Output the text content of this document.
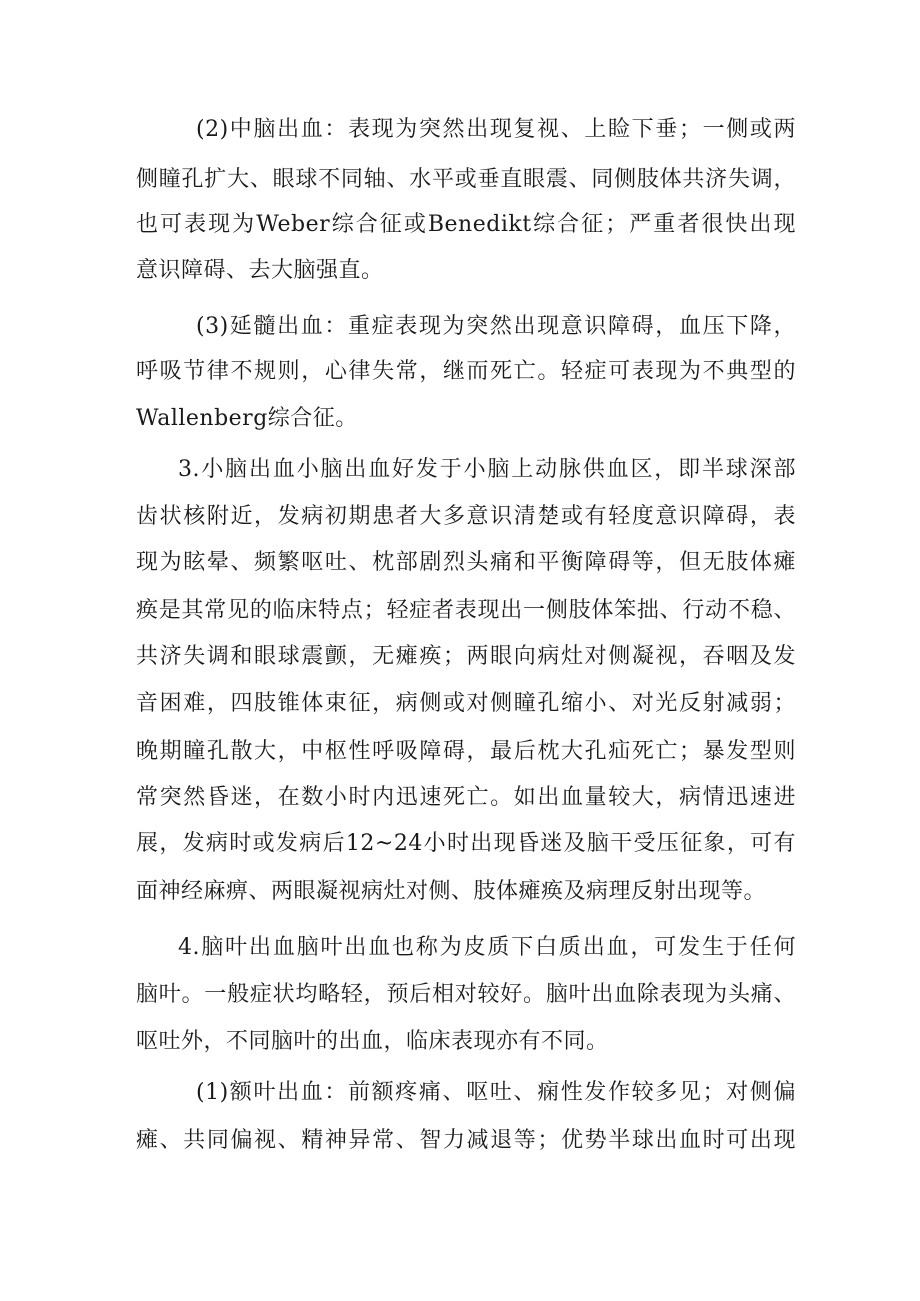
(2)中脑出血：表现为突然出现复视、上睑下垂；一侧或两
侧瞳孔扩大、眼球不同轴、水平或垂直眼震、同侧肢体共济失调，
也可表现为Weber综合征或Benedikt综合征；严重者很快出现
意识障碍、去大脑强直。
(3)延髓出血：重症表现为突然出现意识障碍，血压下降，
呼吸节律不规则，心律失常，继而死亡。轻症可表现为不典型的
Wallenberg综合征。
3.小脑出血小脑出血好发于小脑上动脉供血区，即半球深部
齿状核附近，发病初期患者大多意识清楚或有轻度意识障碍，表
现为眩晕、频繁呕吐、枕部剧烈头痛和平衡障碍等，但无肢体瘫
痪是其常见的临床特点；轻症者表现出一侧肢体笨拙、行动不稳、
共济失调和眼球震颤，无瘫痪；两眼向病灶对侧凝视，吞咽及发
音困难，四肢锥体束征，病侧或对侧瞳孔缩小、对光反射减弱；
晚期瞳孔散大，中枢性呼吸障碍，最后枕大孔疝死亡；暴发型则
常突然昏迷，在数小时内迅速死亡。如出血量较大，病情迅速进
展，发病时或发病后12~24小时出现昏迷及脑干受压征象，可有
面神经麻痹、两眼凝视病灶对侧、肢体瘫痪及病理反射出现等。
4.脑叶出血脑叶出血也称为皮质下白质出血，可发生于任何
脑叶。一般症状均略轻，预后相对较好。脑叶出血除表现为头痛、
呕吐外，不同脑叶的出血，临床表现亦有不同。
(1)额叶出血：前额疼痛、呕吐、痫性发作较多见；对侧偏
瘫、共同偏视、精神异常、智力减退等；优势半球出血时可出现
